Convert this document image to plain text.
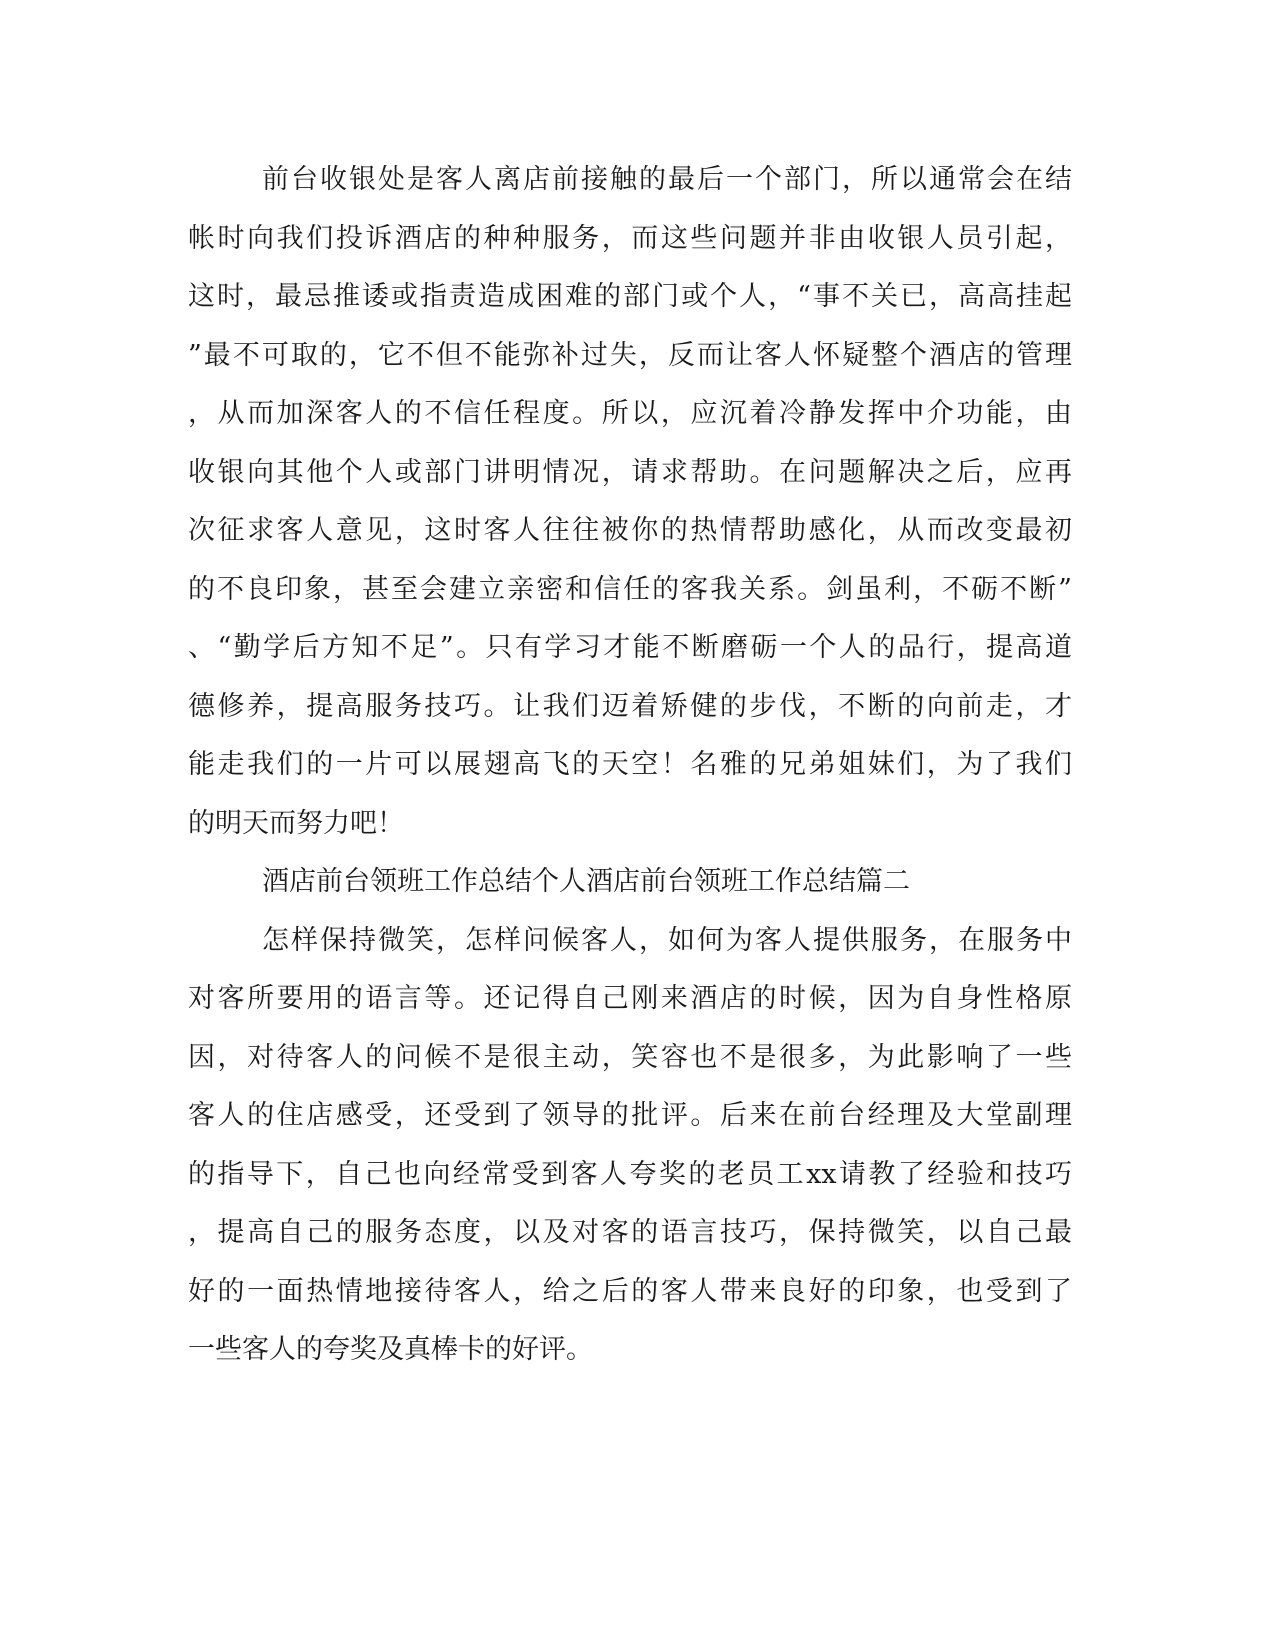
前台收银处是客人离店前接触的最后一个部门，所以通常会在结
帐时向我们投诉酒店的种种服务，而这些问题并非由收银人员引起，
这时，最忌推诿或指责造成困难的部门或个人，“事不关已，高高挂起
”最不可取的，它不但不能弥补过失，反而让客人怀疑整个酒店的管理
，从而加深客人的不信任程度。所以，应沉着冷静发挥中介功能，由
收银向其他个人或部门讲明情况，请求帮助。在问题解决之后，应再
次征求客人意见，这时客人往往被你的热情帮助感化，从而改变最初
的不良印象，甚至会建立亲密和信任的客我关系。剑虽利，不砺不断”
、“勤学后方知不足”。只有学习才能不断磨砺一个人的品行，提高道
德修养，提高服务技巧。让我们迈着矫健的步伐，不断的向前走，才
能走我们的一片可以展翅高飞的天空！名雅的兄弟姐妹们，为了我们
的明天而努力吧！
酒店前台领班工作总结个人酒店前台领班工作总结篇二
怎样保持微笑，怎样问候客人，如何为客人提供服务，在服务中
对客所要用的语言等。还记得自己刚来酒店的时候，因为自身性格原
因，对待客人的问候不是很主动，笑容也不是很多，为此影响了一些
客人的住店感受，还受到了领导的批评。后来在前台经理及大堂副理
的指导下，自己也向经常受到客人夸奖的老员工xx请教了经验和技巧
，提高自己的服务态度，以及对客的语言技巧，保持微笑，以自己最
好的一面热情地接待客人，给之后的客人带来良好的印象，也受到了
一些客人的夸奖及真棒卡的好评。
